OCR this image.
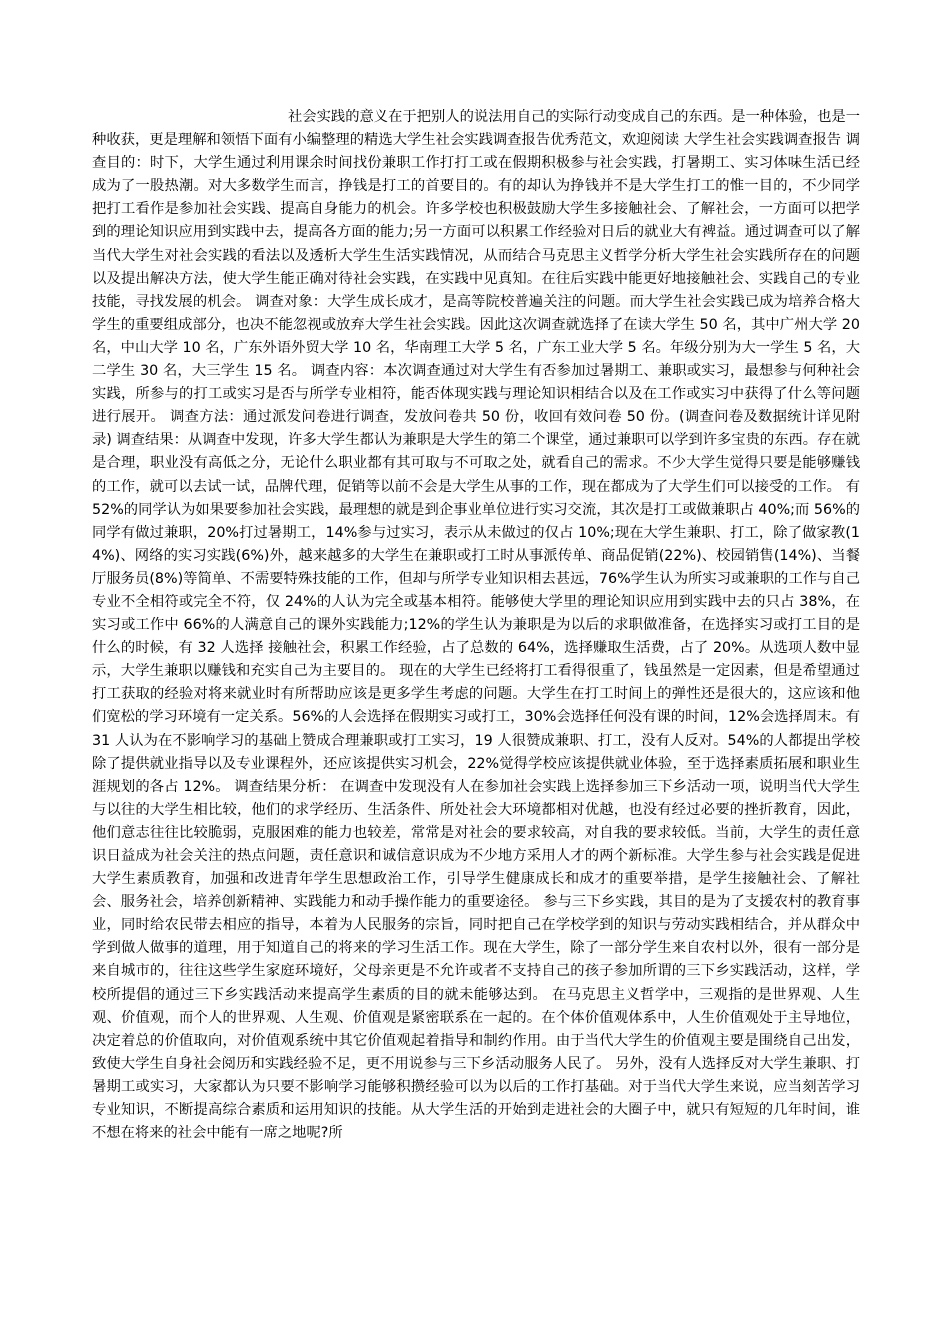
社会实践的意义在于把别人的说法用自己的实际行动变成自己的东西。是一种体验，也是一种收获，更是理解和领悟下面有小编整理的精选大学生社会实践调查报告优秀范文，欢迎阅读 大学生社会实践调查报告 调查目的：时下，大学生通过利用课余时间找份兼职工作打打工或在假期积极参与社会实践，打暑期工、实习体味生活已经成为了一股热潮。对大多数学生而言，挣钱是打工的首要目的。有的却认为挣钱并不是大学生打工的惟一目的，不少同学把打工看作是参加社会实践、提高自身能力的机会。许多学校也积极鼓励大学生多接触社会、了解社会，一方面可以把学到的理论知识应用到实践中去，提高各方面的能力;另一方面可以积累工作经验对日后的就业大有裨益。通过调查可以了解当代大学生对社会实践的看法以及透析大学生生活实践情况，从而结合马克思主义哲学分析大学生社会实践所存在的问题以及提出解决方法，使大学生能正确对待社会实践，在实践中见真知。在往后实践中能更好地接触社会、实践自己的专业技能，寻找发展的机会。 调查对象：大学生成长成才，是高等院校普遍关注的问题。而大学生社会实践已成为培养合格大学生的重要组成部分，也决不能忽视或放弃大学生社会实践。因此这次调查就选择了在读大学生 50 名，其中广州大学 20 名，中山大学 10 名，广东外语外贸大学 10 名，华南理工大学 5 名，广东工业大学 5 名。年级分别为大一学生 5 名，大二学生 30 名，大三学生 15 名。 调查内容：本次调查通过对大学生有否参加过暑期工、兼职或实习，最想参与何种社会实践，所参与的打工或实习是否与所学专业相符，能否体现实践与理论知识相结合以及在工作或实习中获得了什么等问题进行展开。 调查方法：通过派发问卷进行调查，发放问卷共 50 份，收回有效问卷 50 份。(调查问卷及数据统计详见附录) 调查结果：从调查中发现，许多大学生都认为兼职是大学生的第二个课堂，通过兼职可以学到许多宝贵的东西。存在就是合理，职业没有高低之分，无论什么职业都有其可取与不可取之处，就看自己的需求。不少大学生觉得只要是能够赚钱的工作，就可以去试一试，品牌代理，促销等以前不会是大学生从事的工作，现在都成为了大学生们可以接受的工作。 有 52%的同学认为如果要参加社会实践，最理想的就是到企事业单位进行实习交流，其次是打工或做兼职占 40%;而 56%的同学有做过兼职，20%打过暑期工，14%参与过实习，表示从未做过的仅占 10%;现在大学生兼职、打工，除了做家教(14%)、网络的实习实践(6%)外，越来越多的大学生在兼职或打工时从事派传单、商品促销(22%)、校园销售(14%)、当餐厅服务员(8%)等简单、不需要特殊技能的工作，但却与所学专业知识相去甚远，76%学生认为所实习或兼职的工作与自己专业不全相符或完全不符，仅 24%的人认为完全或基本相符。能够使大学里的理论知识应用到实践中去的只占 38%，在实习或工作中 66%的人满意自己的课外实践能力;12%的学生认为兼职是为以后的求职做准备，在选择实习或打工目的是什么的时候，有 32 人选择 接触社会，积累工作经验，占了总数的 64%，选择赚取生活费，占了 20%。从选项人数中显示，大学生兼职以赚钱和充实自己为主要目的。 现在的大学生已经将打工看得很重了，钱虽然是一定因素，但是希望通过打工获取的经验对将来就业时有所帮助应该是更多学生考虑的问题。大学生在打工时间上的弹性还是很大的，这应该和他们宽松的学习环境有一定关系。56%的人会选择在假期实习或打工，30%会选择任何没有课的时间，12%会选择周末。有 31 人认为在不影响学习的基础上赞成合理兼职或打工实习，19 人很赞成兼职、打工，没有人反对。54%的人都提出学校除了提供就业指导以及专业课程外，还应该提供实习机会，22%觉得学校应该提供就业体验，至于选择素质拓展和职业生涯规划的各占 12%。 调查结果分析： 在调查中发现没有人在参加社会实践上选择参加三下乡活动一项，说明当代大学生与以往的大学生相比较，他们的求学经历、生活条件、所处社会大环境都相对优越，也没有经过必要的挫折教育，因此，他们意志往往比较脆弱，克服困难的能力也较差，常常是对社会的要求较高，对自我的要求较低。当前，大学生的责任意识日益成为社会关注的热点问题，责任意识和诚信意识成为不少地方采用人才的两个新标准。大学生参与社会实践是促进大学生素质教育，加强和改进青年学生思想政治工作，引导学生健康成长和成才的重要举措，是学生接触社会、了解社会、服务社会，培养创新精神、实践能力和动手操作能力的重要途径。 参与三下乡实践，其目的是为了支援农村的教育事业，同时给农民带去相应的指导，本着为人民服务的宗旨，同时把自己在学校学到的知识与劳动实践相结合，并从群众中学到做人做事的道理，用于知道自己的将来的学习生活工作。现在大学生，除了一部分学生来自农村以外，很有一部分是来自城市的，往往这些学生家庭环境好，父母亲更是不允许或者不支持自己的孩子参加所谓的三下乡实践活动，这样，学校所提倡的通过三下乡实践活动来提高学生素质的目的就未能够达到。 在马克思主义哲学中，三观指的是世界观、人生观、价值观，而个人的世界观、人生观、价值观是紧密联系在一起的。在个体价值观体系中，人生价值观处于主导地位，决定着总的价值取向，对价值观系统中其它价值观起着指导和制约作用。由于当代大学生的价值观主要是围绕自己出发，致使大学生自身社会阅历和实践经验不足，更不用说参与三下乡活动服务人民了。 另外，没有人选择反对大学生兼职、打暑期工或实习，大家都认为只要不影响学习能够积攒经验可以为以后的工作打基础。对于当代大学生来说，应当刻苦学习专业知识，不断提高综合素质和运用知识的技能。从大学生活的开始到走进社会的大圈子中，就只有短短的几年时间，谁不想在将来的社会中能有一席之地呢?所
